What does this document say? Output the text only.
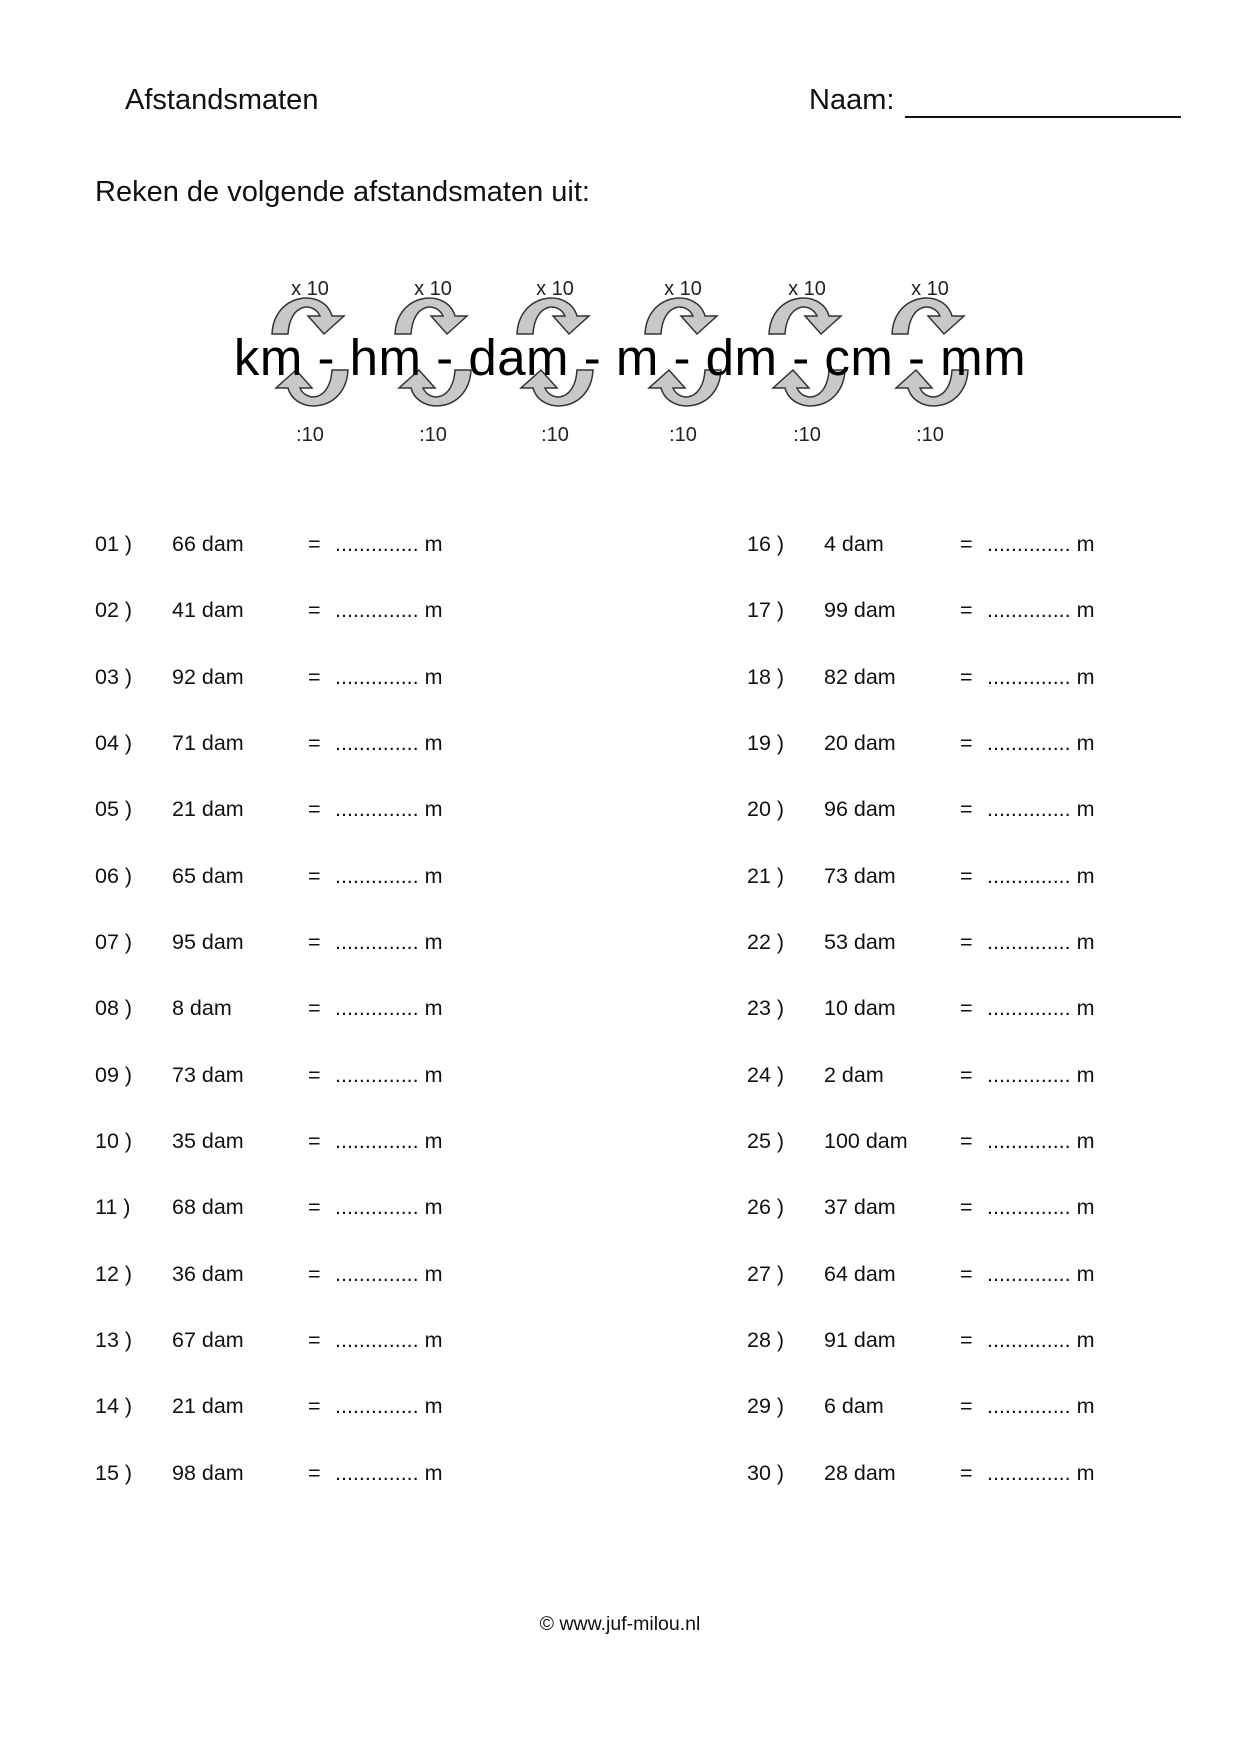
Afstandsmaten	Naam:
Reken de volgende afstandsmaten uit:
km - hm - dam - m - dm - cm - mm
x 10
:10
x 10
:10
x 10
:10
x 10
:10
x 10
:10
x 10
:10
01 ) 66 dam	= .............. m
02 ) 41 dam	= .............. m
03 ) 92 dam	= .............. m
04 ) 71 dam	= .............. m
05 ) 21 dam	= .............. m
06 ) 65 dam	= .............. m
07 ) 95 dam	= .............. m
08 ) 8 dam	= .............. m
09 ) 73 dam	= .............. m
10 ) 35 dam	= .............. m
11 ) 68 dam	= .............. m
12 ) 36 dam	= .............. m
13 ) 67 dam	= .............. m
14 ) 21 dam	= .............. m
15 ) 98 dam	= .............. m
16 ) 4 dam	= .............. m
17 ) 99 dam	= .............. m
18 ) 82 dam	= .............. m
19 ) 20 dam	= .............. m
20 ) 96 dam	= .............. m
21 ) 73 dam	= .............. m
22 ) 53 dam	= .............. m
23 ) 10 dam	= .............. m
24 ) 2 dam	= .............. m
25 ) 100 dam = .............. m
26 ) 37 dam	= .............. m
27 ) 64 dam	= .............. m
28 ) 91 dam	= .............. m
29 ) 6 dam	= .............. m
30 ) 28 dam	= .............. m
© www.juf-milou.nl
